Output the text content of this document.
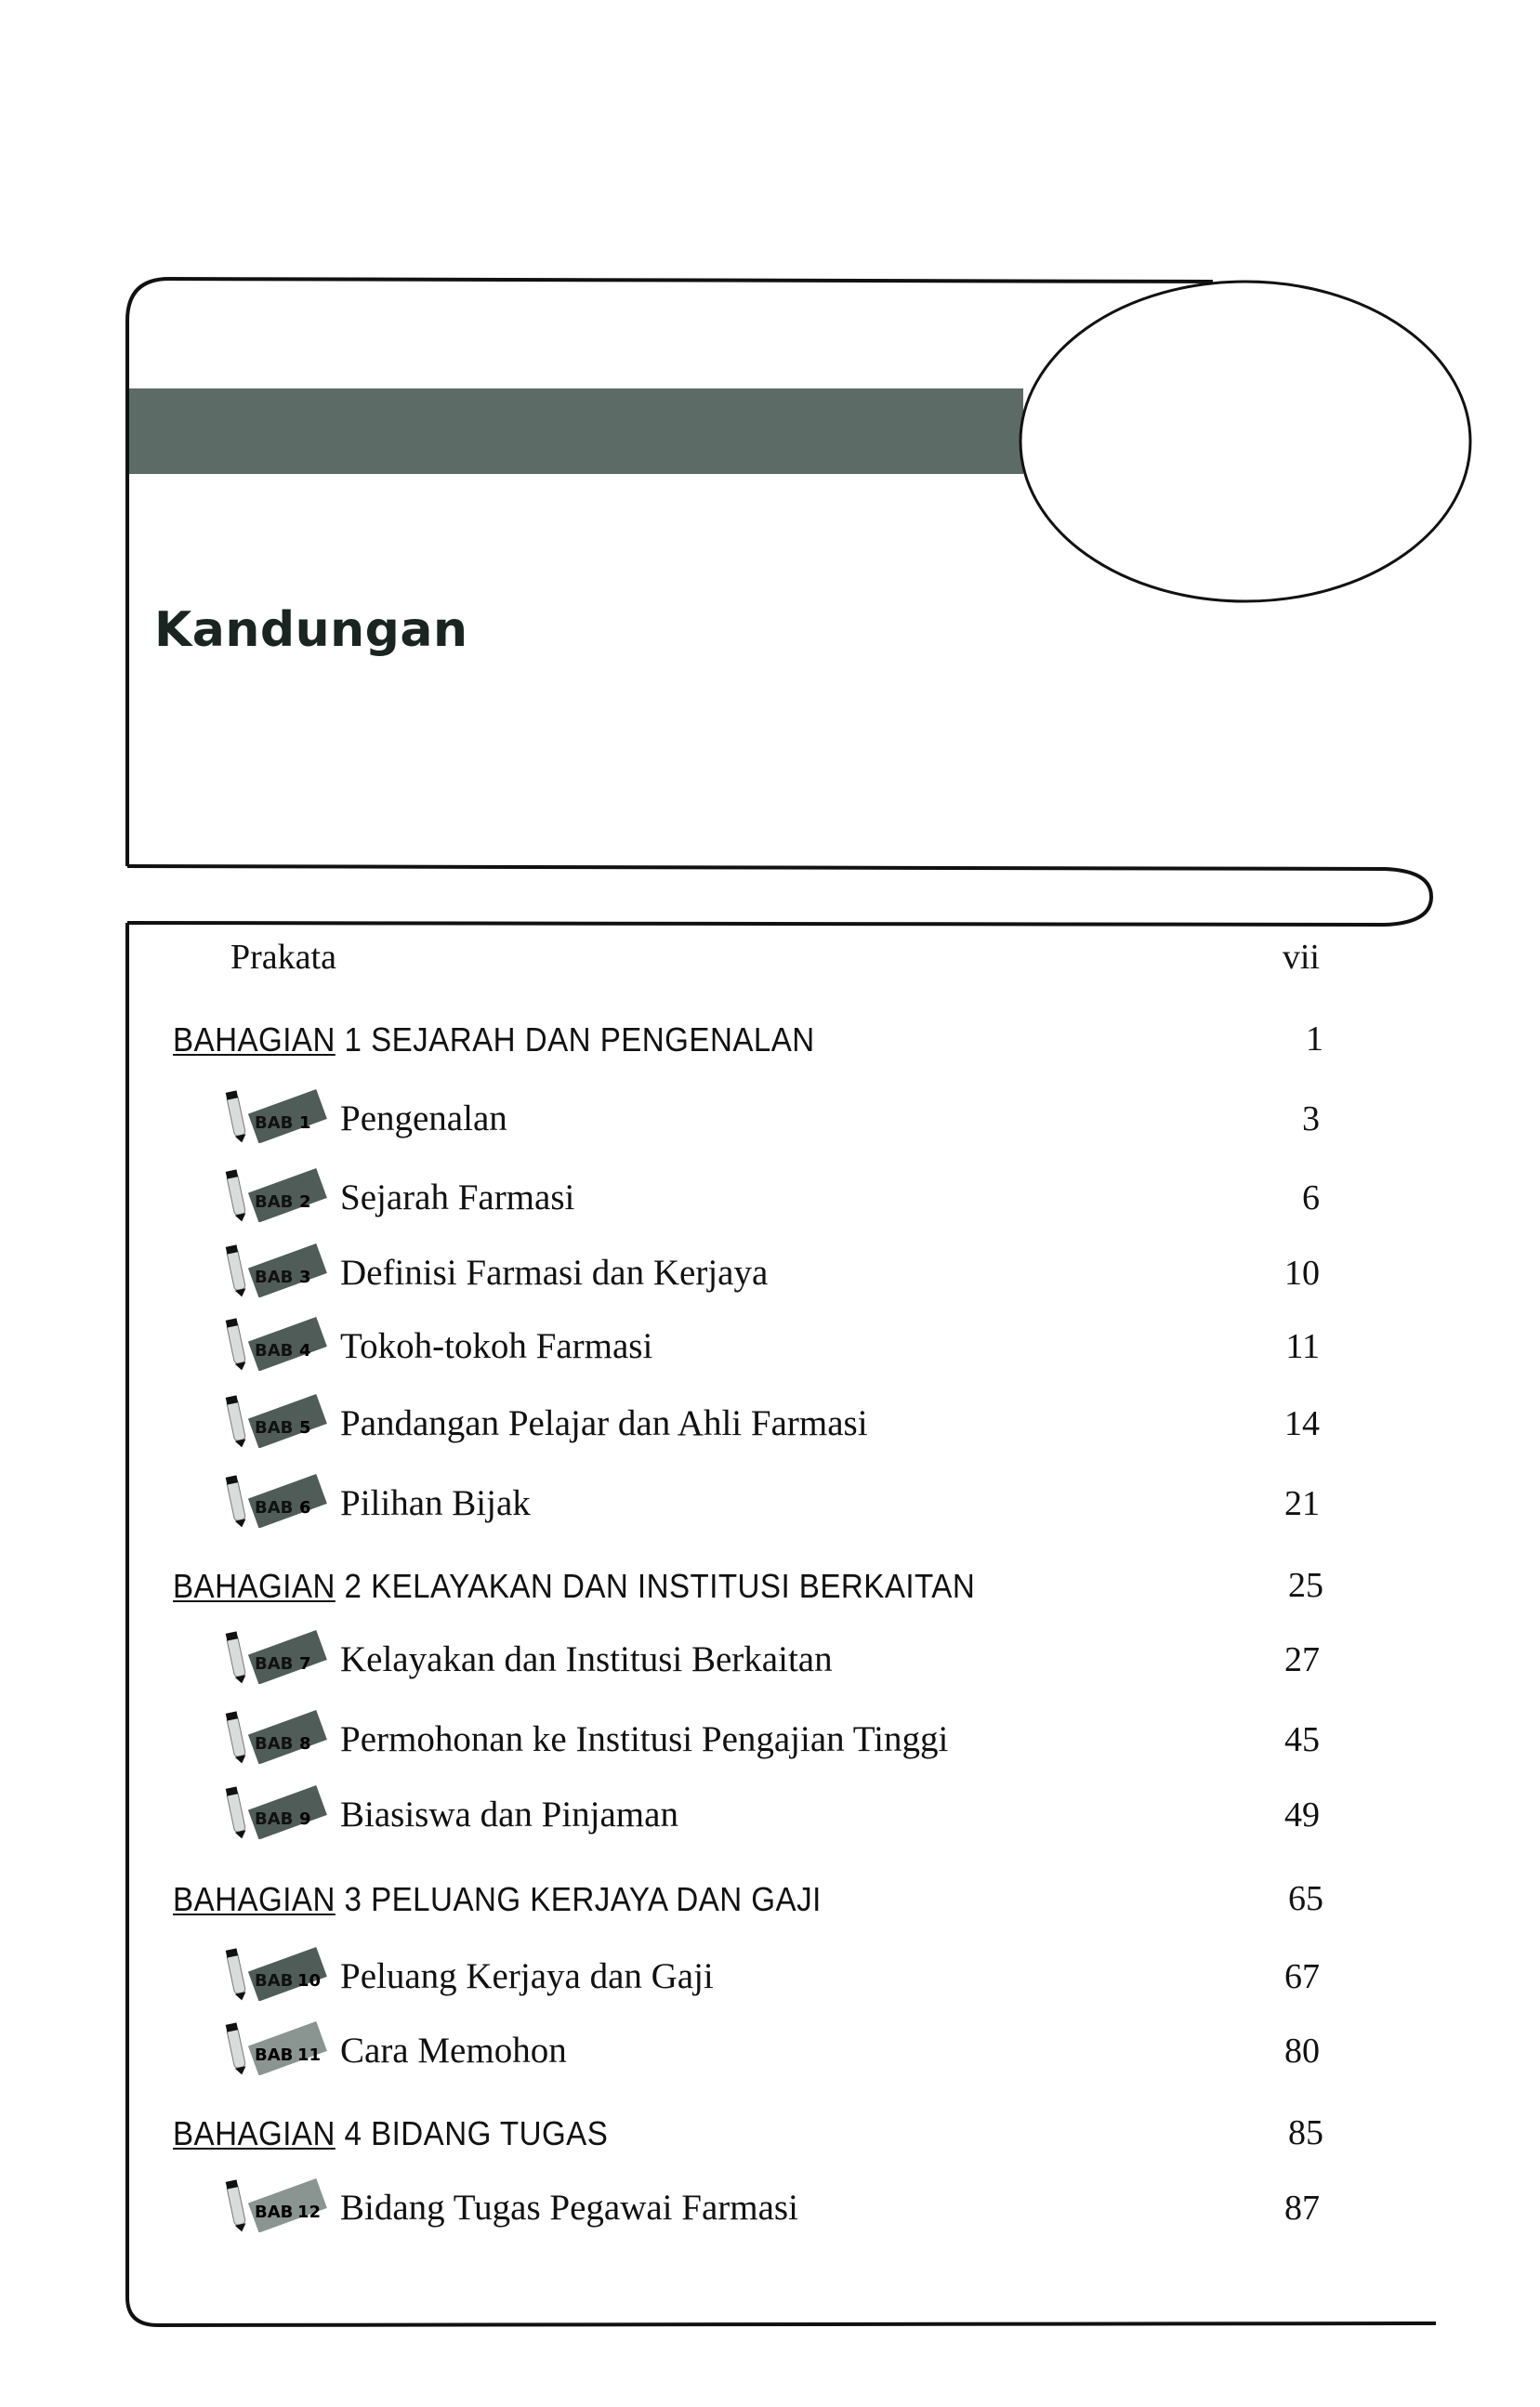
Kandungan
Prakata	vii
BAHAGIAN 1 SEJARAH DAN PENGENALAN	1
BAB 1 Pengenalan	3
BAB 2 Sejarah Farmasi	6
BAB 3 Definisi Farmasi dan Kerjaya	10
BAB 4 Tokoh-tokoh Farmasi	11
BAB 5 Pandangan Pelajar dan Ahli Farmasi	14
BAB 6 Pilihan Bijak	21
BAHAGIAN 2 KELAYAKAN DAN INSTITUSI BERKAITAN	25
BAB 7 Kelayakan dan Institusi Berkaitan	27
BAB 8 Permohonan ke Institusi Pengajian Tinggi	45
BAB 9 Biasiswa dan Pinjaman	49
BAHAGIAN 3 PELUANG KERJAYA DAN GAJI	65
BAB 10 Peluang Kerjaya dan Gaji	67
BAB 11 Cara Memohon	80
BAHAGIAN 4 BIDANG TUGAS	85
BAB 12 Bidang Tugas Pegawai Farmasi	87
